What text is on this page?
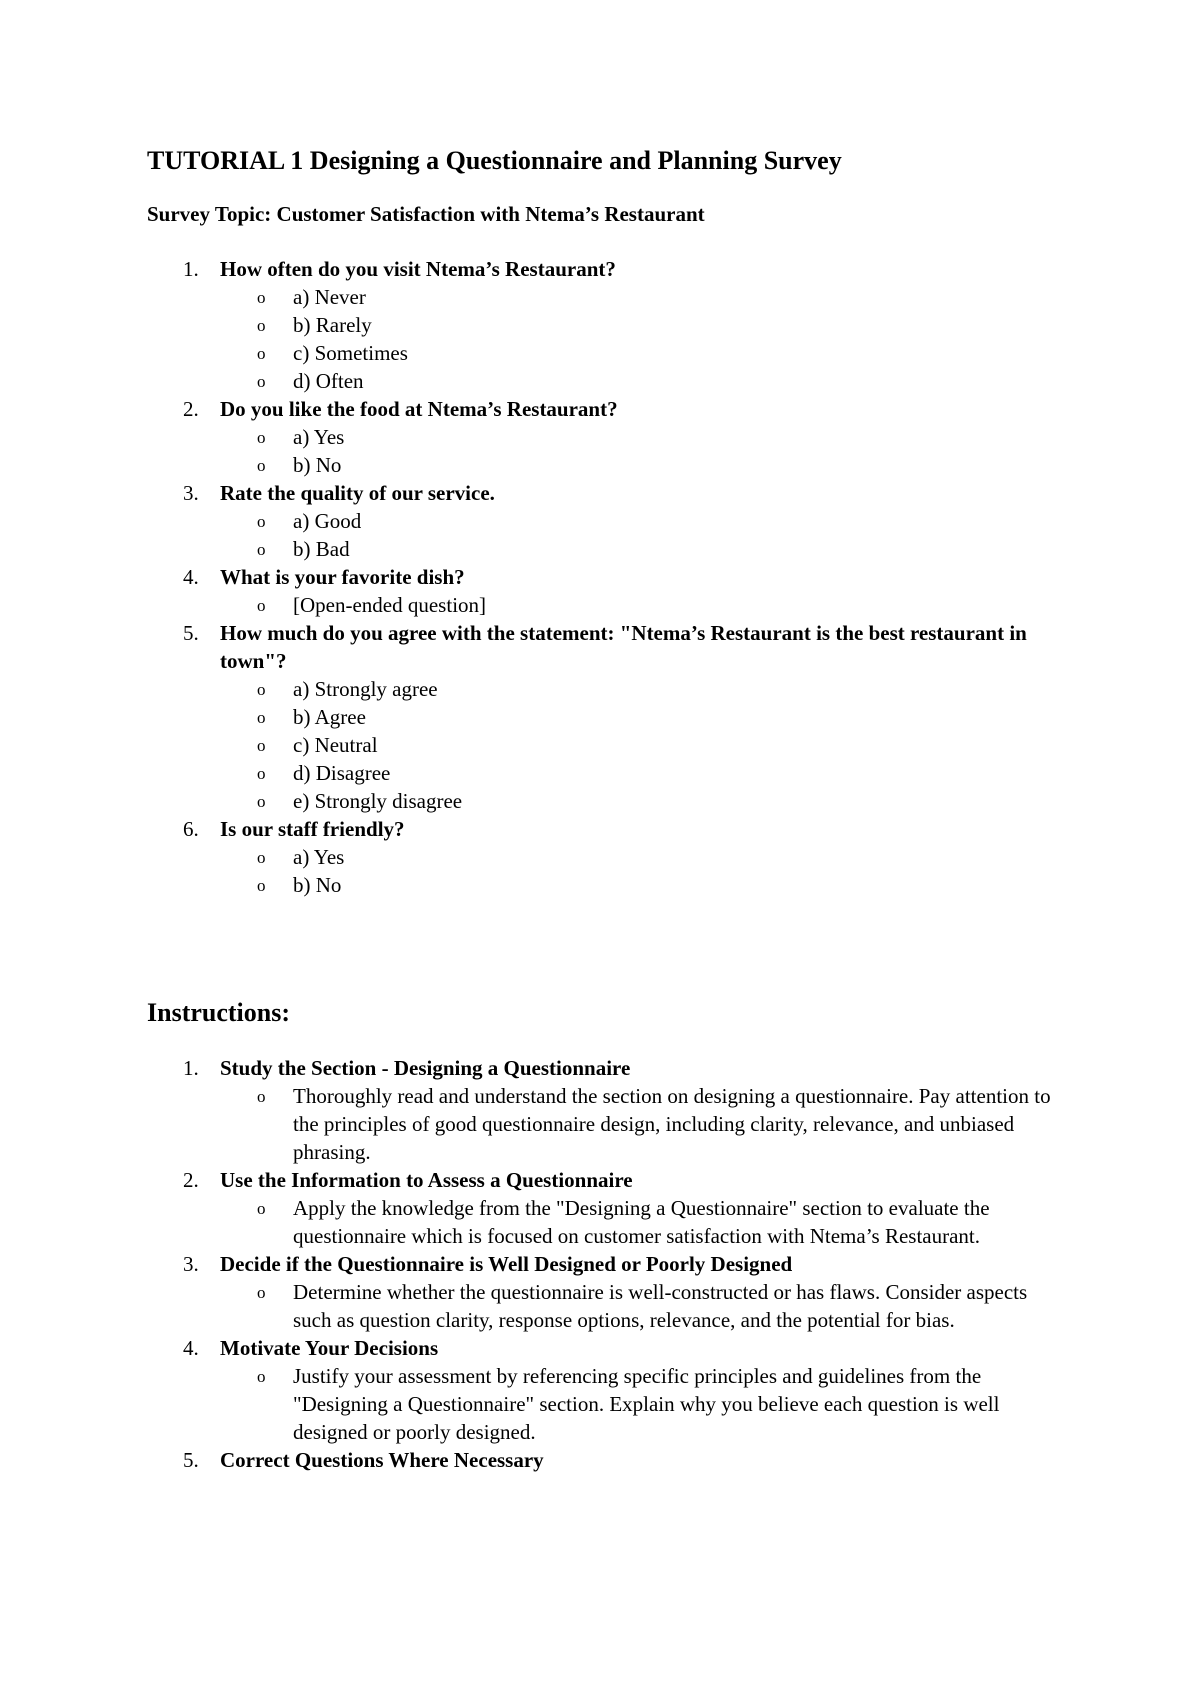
TUTORIAL 1 Designing a Questionnaire and Planning Survey

Survey Topic: Customer Satisfaction with Ntema’s Restaurant

1. How often do you visit Ntema’s Restaurant?
o a) Never
o b) Rarely
o c) Sometimes
o d) Often
2. Do you like the food at Ntema’s Restaurant?
o a) Yes
o b) No
3. Rate the quality of our service.
o a) Good
o b) Bad
4. What is your favorite dish?
o [Open-ended question]
5. How much do you agree with the statement: "Ntema’s Restaurant is the best restaurant in town"?
o a) Strongly agree
o b) Agree
o c) Neutral
o d) Disagree
o e) Strongly disagree
6. Is our staff friendly?
o a) Yes
o b) No
Instructions:
1. Study the Section - Designing a Questionnaire
o Thoroughly read and understand the section on designing a questionnaire. Pay attention to the principles of good questionnaire design, including clarity, relevance, and unbiased phrasing.
2. Use the Information to Assess a Questionnaire
o Apply the knowledge from the "Designing a Questionnaire" section to evaluate the questionnaire which is focused on customer satisfaction with Ntema’s Restaurant.
3. Decide if the Questionnaire is Well Designed or Poorly Designed
o Determine whether the questionnaire is well-constructed or has flaws. Consider aspects such as question clarity, response options, relevance, and the potential for bias.
4. Motivate Your Decisions
o Justify your assessment by referencing specific principles and guidelines from the "Designing a Questionnaire" section. Explain why you believe each question is well designed or poorly designed.
5. Correct Questions Where Necessary
